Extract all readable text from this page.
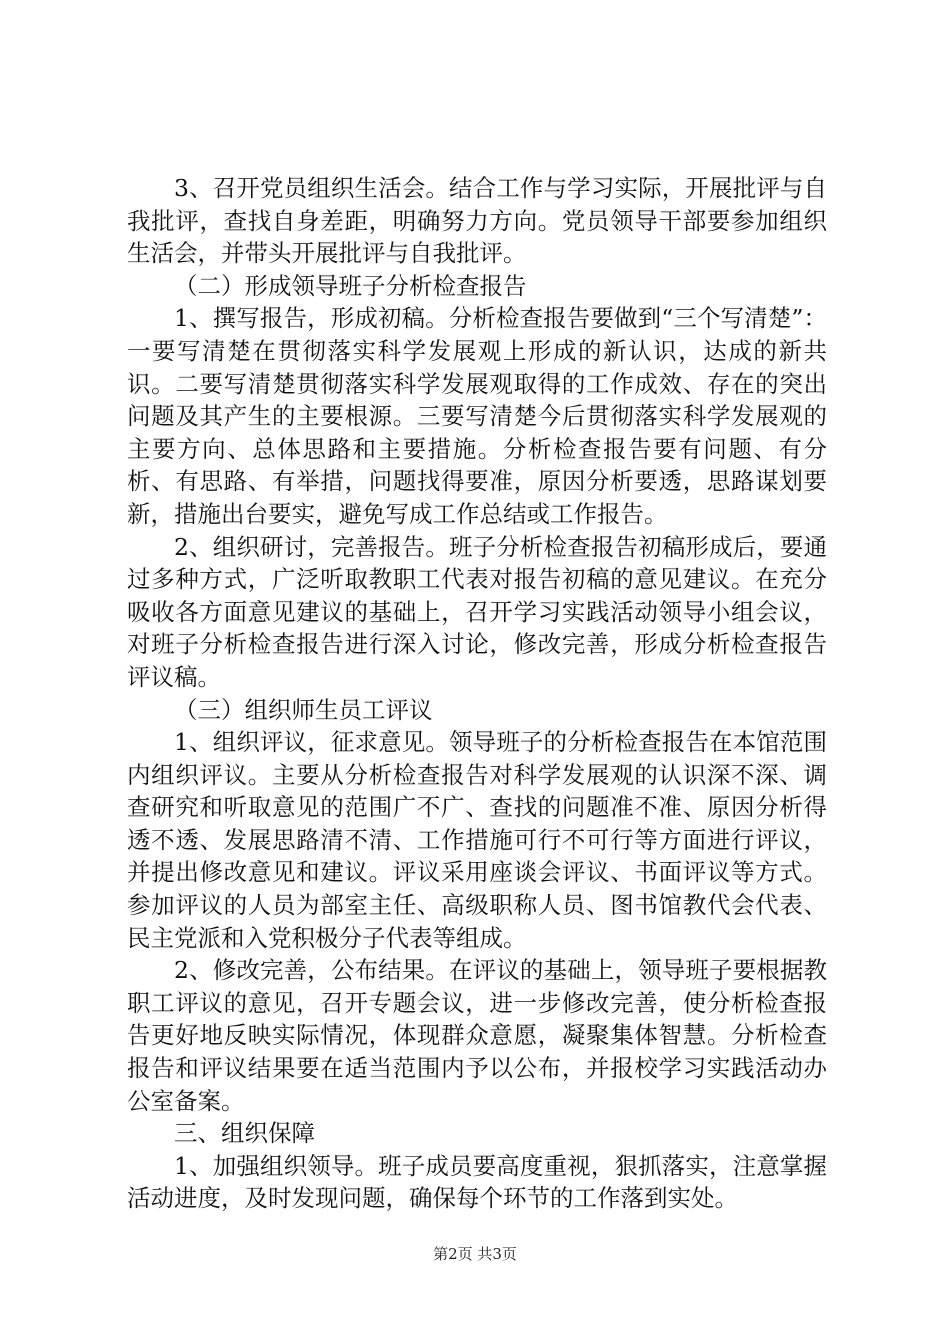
3、召开党员组织生活会。结合工作与学习实际，开展批评与自我批评，查找自身差距，明确努力方向。党员领导干部要参加组织生活会，并带头开展批评与自我批评。

（二）形成领导班子分析检查报告

1、撰写报告，形成初稿。分析检查报告要做到“三个写清楚”：一要写清楚在贯彻落实科学发展观上形成的新认识，达成的新共识。二要写清楚贯彻落实科学发展观取得的工作成效、存在的突出问题及其产生的主要根源。三要写清楚今后贯彻落实科学发展观的主要方向、总体思路和主要措施。分析检查报告要有问题、有分析、有思路、有举措，问题找得要准，原因分析要透，思路谋划要新，措施出台要实，避免写成工作总结或工作报告。

2、组织研讨，完善报告。班子分析检查报告初稿形成后，要通过多种方式，广泛听取教职工代表对报告初稿的意见建议。在充分吸收各方面意见建议的基础上，召开学习实践活动领导小组会议，对班子分析检查报告进行深入讨论，修改完善，形成分析检查报告评议稿。

（三）组织师生员工评议

1、组织评议，征求意见。领导班子的分析检查报告在本馆范围内组织评议。主要从分析检查报告对科学发展观的认识深不深、调查研究和听取意见的范围广不广、查找的问题准不准、原因分析得透不透、发展思路清不清、工作措施可行不可行等方面进行评议，并提出修改意见和建议。评议采用座谈会评议、书面评议等方式。参加评议的人员为部室主任、高级职称人员、图书馆教代会代表、民主党派和入党积极分子代表等组成。

2、修改完善，公布结果。在评议的基础上，领导班子要根据教职工评议的意见，召开专题会议，进一步修改完善，使分析检查报告更好地反映实际情况，体现群众意愿，凝聚集体智慧。分析检查报告和评议结果要在适当范围内予以公布，并报校学习实践活动办公室备案。

三、组织保障

1、加强组织领导。班子成员要高度重视，狠抓落实，注意掌握活动进度，及时发现问题，确保每个环节的工作落到实处。

第2页 共3页
